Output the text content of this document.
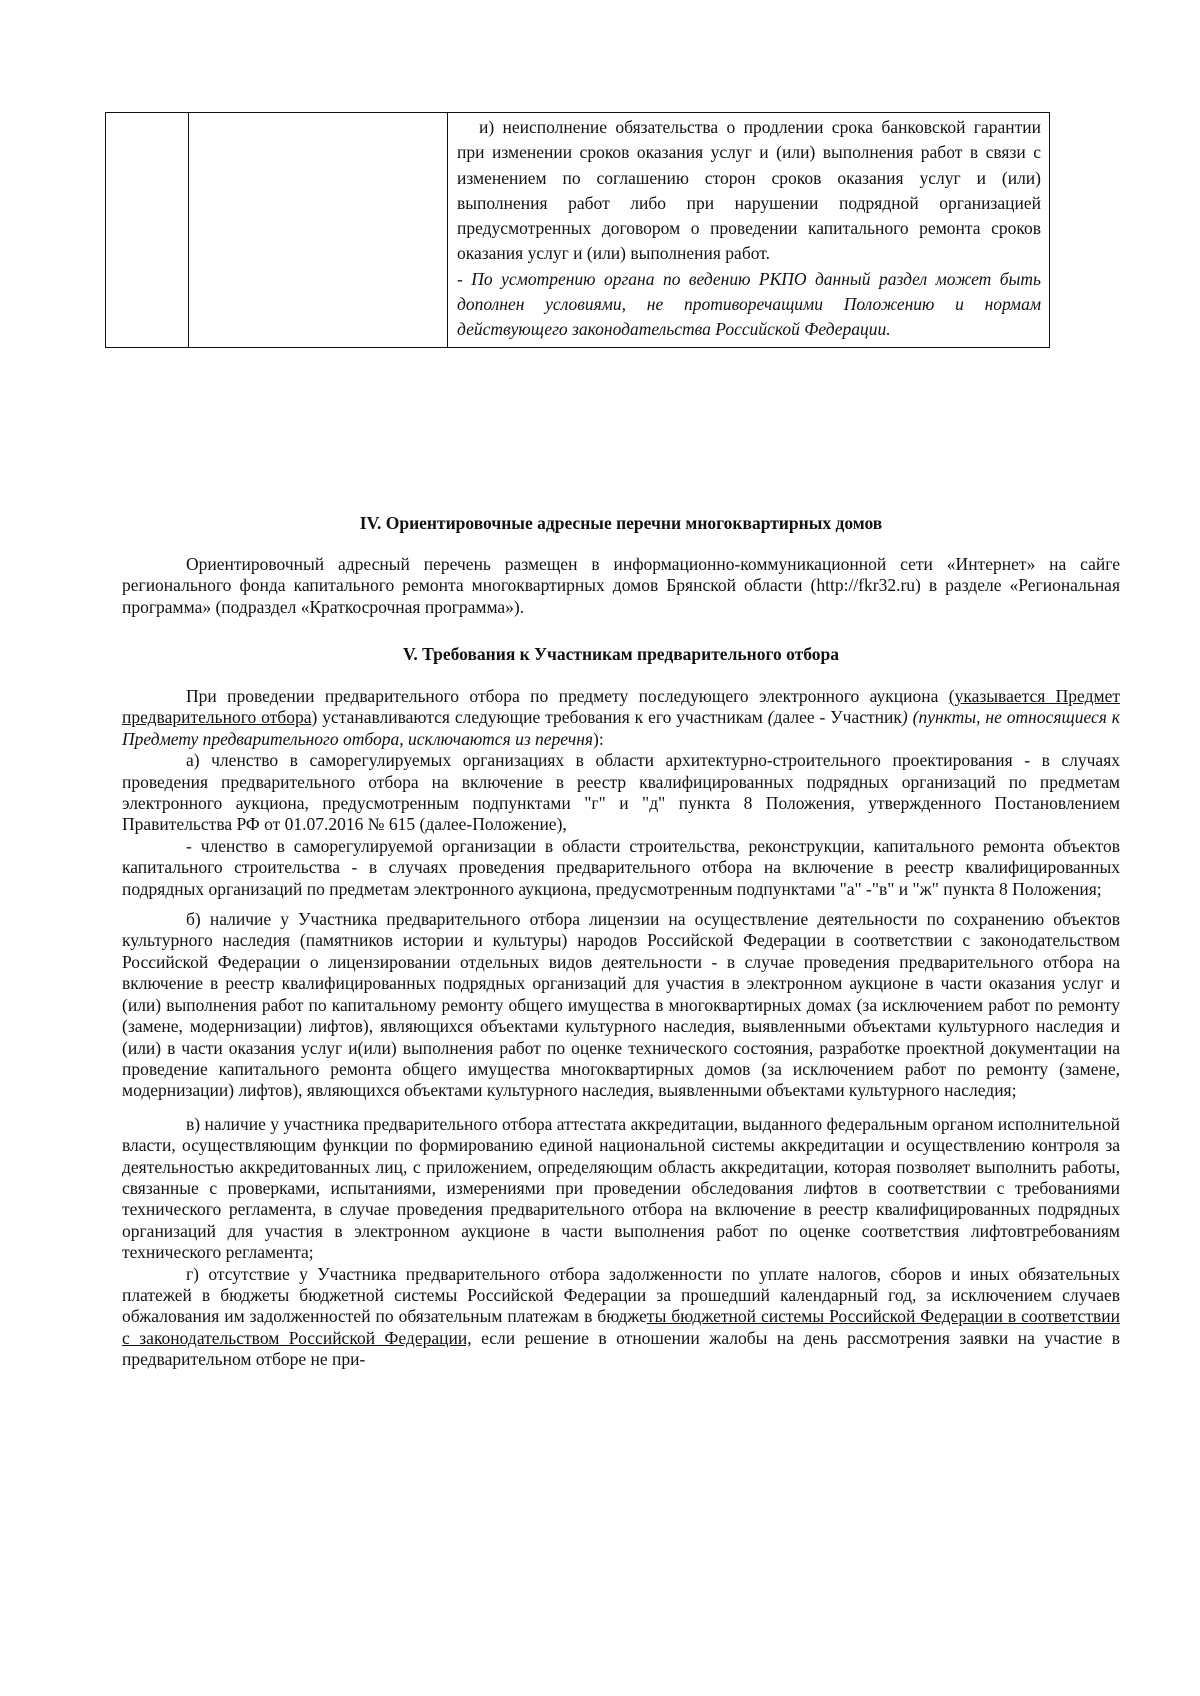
и) неисполнение обязательства о продлении срока банковской гарантии при изменении сроков оказания услуг и (или) выполнения работ в связи с изменением по соглашению сторон сроков оказания услуг и (или) выполнения работ либо при нарушении подрядной организацией предусмотренных договором о проведении капитального ремонта сроков оказания услуг и (или) выполнения работ.

- По усмотрению органа по ведению РКПО данный раздел может быть дополнен условиями, не противоречащими Положению и нормам действующего законодательства Российской Федерации.

IV. Ориентировочные адресные перечни многоквартирных домов

Ориентировочный адресный перечень размещен в информационно-коммуникационной сети «Интернет» на сайге регионального фонда капитального ремонта многоквартирных домов Брянской области (http://fkr32.ru) в разделе «Региональная программа» (подраздел «Краткосрочная программа»).

V. Требования к Участникам предварительного отбора

При проведении предварительного отбора по предмету последующего электронного аукциона (указывается Предмет предварительного отбора) устанавливаются следующие требования к его участникам (далее - Участник) (пункты, не относящиеся к Предмету предварительного отбора, исключаются из перечня):

а) членство в саморегулируемых организациях в области архитектурно-строительного проектирования - в случаях проведения предварительного отбора на включение в реестр квалифицированных подрядных организаций по предметам электронного аукциона, предусмотренным подпунктами "г" и "д" пункта 8 Положения, утвержденного Постановлением Правительства РФ от 01.07.2016 № 615 (далее-Положение),

- членство в саморегулируемой организации в области строительства, реконструкции, капитального ремонта объектов капитального строительства - в случаях проведения предварительного отбора на включение в реестр квалифицированных подрядных организаций по предметам электронного аукциона, предусмотренным подпунктами "а" -"в" и "ж" пункта 8 Положения;

б) наличие у Участника предварительного отбора лицензии на осуществление деятельности по сохранению объектов культурного наследия (памятников истории и культуры) народов Российской Федерации в соответствии с законодательством Российской Федерации о лицензировании отдельных видов деятельности - в случае проведения предварительного отбора на включение в реестр квалифицированных подрядных организаций для участия в электронном аукционе в части оказания услуг и (или) выполнения работ по капитальному ремонту общего имущества в многоквартирных домах (за исключением работ по ремонту (замене, модернизации) лифтов), являющихся объектами культурного наследия, выявленными объектами культурного наследия и (или) в части оказания услуг и(или) выполнения работ по оценке технического состояния, разработке проектной документации на проведение капитального ремонта общего имущества многоквартирных домов (за исключением работ по ремонту (замене, модернизации) лифтов), являющихся объектами культурного наследия, выявленными объектами культурного наследия;

в) наличие у участника предварительного отбора аттестата аккредитации, выданного федеральным органом исполнительной власти, осуществляющим функции по формированию единой национальной системы аккредитации и осуществлению контроля за деятельностью аккредитованных лиц, с приложением, определяющим область аккредитации, которая позволяет выполнить работы, связанные с проверками, испытаниями, измерениями при проведении обследования лифтов в соответствии с требованиями технического регламента, в случае проведения предварительного отбора на включение в реестр квалифицированных подрядных организаций для участия в электронном аукционе в части выполнения работ по оценке соответствия лифтовтребованиям технического регламента;

г) отсутствие у Участника предварительного отбора задолженности по уплате налогов, сборов и иных обязательных платежей в бюджеты бюджетной системы Российской Федерации за прошедший календарный год, за исключением случаев обжалования им задолженностей по обязательным платежам в бюджеты бюджетной системы Российской Федерации в соответствии с законодательством Российской Федерации, если решение в отношении жалобы на день рассмотрения заявки на участие в предварительном отборе не при-
